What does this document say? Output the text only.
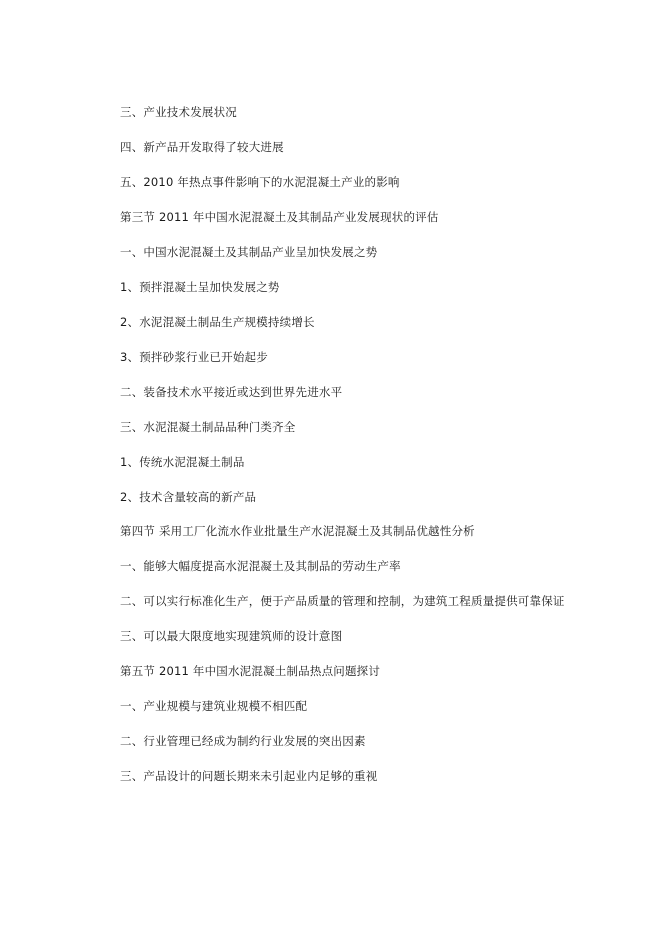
三、产业技术发展状况
四、新产品开发取得了较大进展
五、2010 年热点事件影响下的水泥混凝土产业的影响
第三节 2011 年中国水泥混凝土及其制品产业发展现状的评估
一、中国水泥混凝土及其制品产业呈加快发展之势
1、预拌混凝土呈加快发展之势
2、水泥混凝土制品生产规模持续增长
3、预拌砂浆行业已开始起步
二、装备技术水平接近或达到世界先进水平
三、水泥混凝土制品品种门类齐全
1、传统水泥混凝土制品
2、技术含量较高的新产品
第四节 采用工厂化流水作业批量生产水泥混凝土及其制品优越性分析
一、能够大幅度提高水泥混凝土及其制品的劳动生产率
二、可以实行标准化生产，便于产品质量的管理和控制，为建筑工程质量提供可靠保证
三、可以最大限度地实现建筑师的设计意图
第五节 2011 年中国水泥混凝土制品热点问题探讨
一、产业规模与建筑业规模不相匹配
二、行业管理已经成为制约行业发展的突出因素
三、产品设计的问题长期来未引起业内足够的重视
